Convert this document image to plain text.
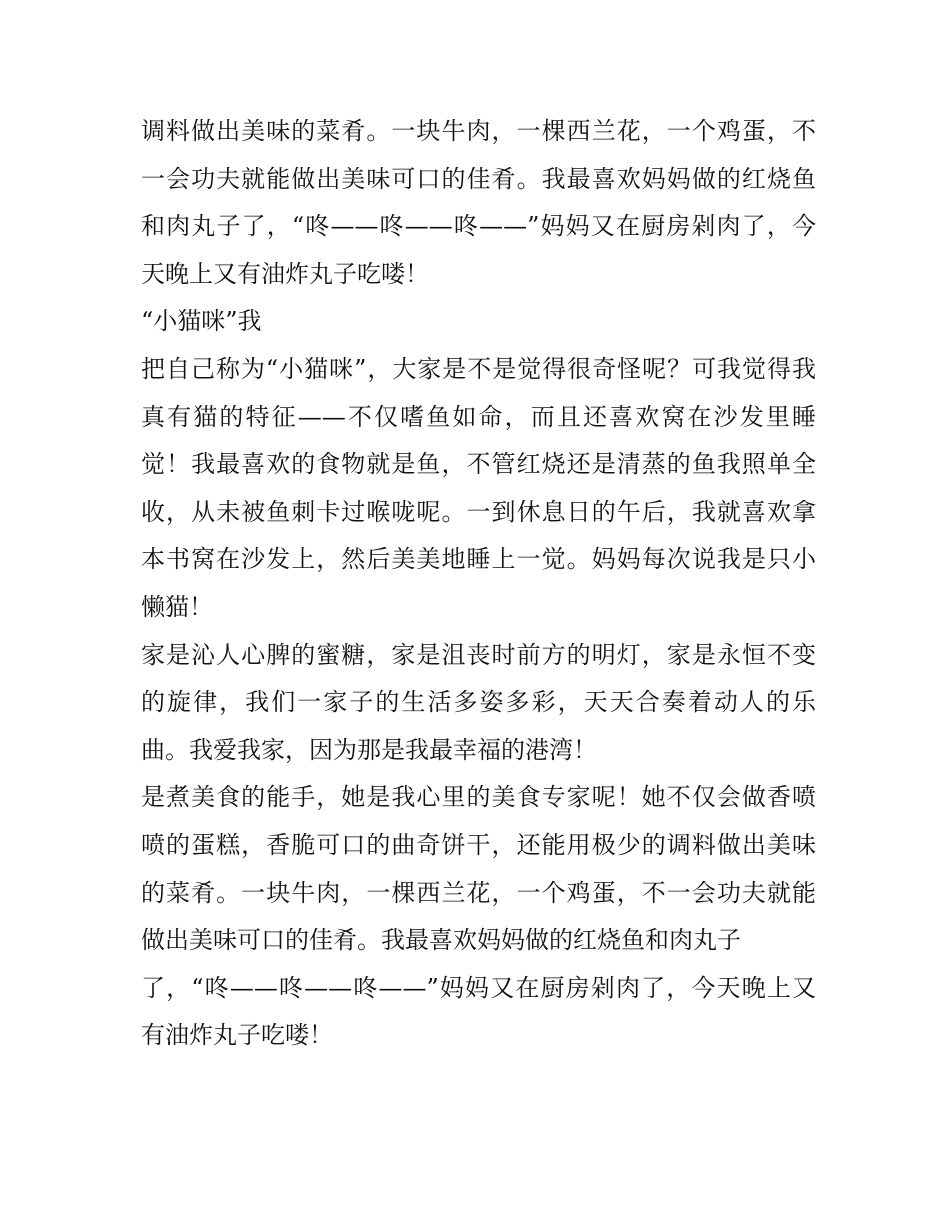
调料做出美味的菜肴。一块牛肉，一棵西兰花，一个鸡蛋，不
一会功夫就能做出美味可口的佳肴。我最喜欢妈妈做的红烧鱼
和肉丸子了，“咚——咚——咚——”妈妈又在厨房剁肉了，今
天晚上又有油炸丸子吃喽！
“小猫咪”我
把自己称为“小猫咪”，大家是不是觉得很奇怪呢？可我觉得我
真有猫的特征——不仅嗜鱼如命，而且还喜欢窝在沙发里睡
觉！我最喜欢的食物就是鱼，不管红烧还是清蒸的鱼我照单全
收，从未被鱼刺卡过喉咙呢。一到休息日的午后，我就喜欢拿
本书窝在沙发上，然后美美地睡上一觉。妈妈每次说我是只小
懒猫！
家是沁人心脾的蜜糖，家是沮丧时前方的明灯，家是永恒不变
的旋律，我们一家子的生活多姿多彩，天天合奏着动人的乐
曲。我爱我家，因为那是我最幸福的港湾！
是煮美食的能手，她是我心里的美食专家呢！她不仅会做香喷
喷的蛋糕，香脆可口的曲奇饼干，还能用极少的调料做出美味
的菜肴。一块牛肉，一棵西兰花，一个鸡蛋，不一会功夫就能
做出美味可口的佳肴。我最喜欢妈妈做的红烧鱼和肉丸子
了，“咚——咚——咚——”妈妈又在厨房剁肉了，今天晚上又
有油炸丸子吃喽！
